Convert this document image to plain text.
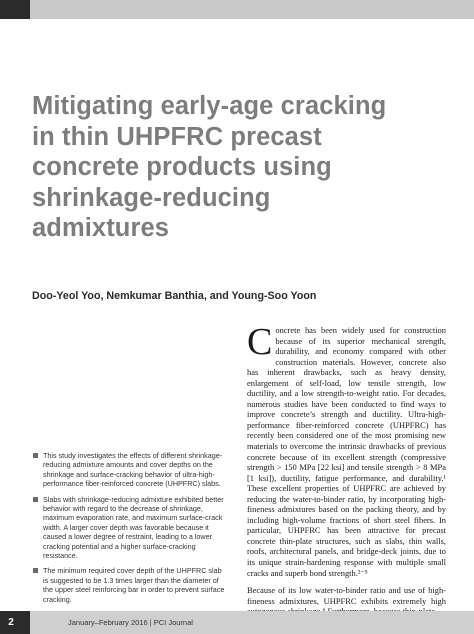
Mitigating early-age cracking
in thin UHPFRC precast
concrete products using
shrinkage-reducing
admixtures
Doo-Yeol Yoo, Nemkumar Banthia, and Young-Soo Yoon
This study investigates the effects of different shrinkage-reducing admixture amounts and cover depths on the shrinkage and surface-cracking behavior of ultra-high-performance fiber-reinforced concrete (UHPFRC) slabs.
Slabs with shrinkage-reducing admixture exhibited better behavior with regard to the decrease of shrinkage, maximum evaporation rate, and maximum surface-crack width. A larger cover depth was favorable because it caused a lower degree of restraint, leading to a lower cracking potential and a higher surface-cracking resistance.
The minimum required cover depth of the UHPFRC slab is suggested to be 1.3 times larger than the diameter of the upper steel reinforcing bar in order to prevent surface cracking.

Concrete has been widely used for construction because of its superior mechanical strength, durability, and economy compared with other construction materials. However, concrete also has inherent drawbacks, such as heavy density, enlargement of self-load, low tensile strength, low ductility, and a low strength-to-weight ratio. For decades, numerous studies have been conducted to find ways to improve concrete’s strength and ductility. Ultra-high-performance fiber-reinforced concrete (UHPFRC) has recently been considered one of the most promising new materials to overcome the intrinsic drawbacks of previous concrete because of its excellent strength (compressive strength > 150 MPa [22 ksi] and tensile strength > 8 MPa [1 ksi]), ductility, fatigue performance, and durability.¹ These excellent properties of UHPFRC are achieved by reducing the water-to-binder ratio, by incorporating high-fineness admixtures based on the packing theory, and by including high-volume fractions of short steel fibers. In particular, UHPFRC has been attractive for precast concrete thin-plate structures, such as slabs, thin walls, roofs, architectural panels, and bridge-deck joints, due to its unique strain-hardening response with multiple small cracks and superb bond strength.²⁻⁵

Because of its low water-to-binder ratio and use of high-fineness admixtures, UHPFRC exhibits extremely high

2	January–February 2016 | PCI Journal
